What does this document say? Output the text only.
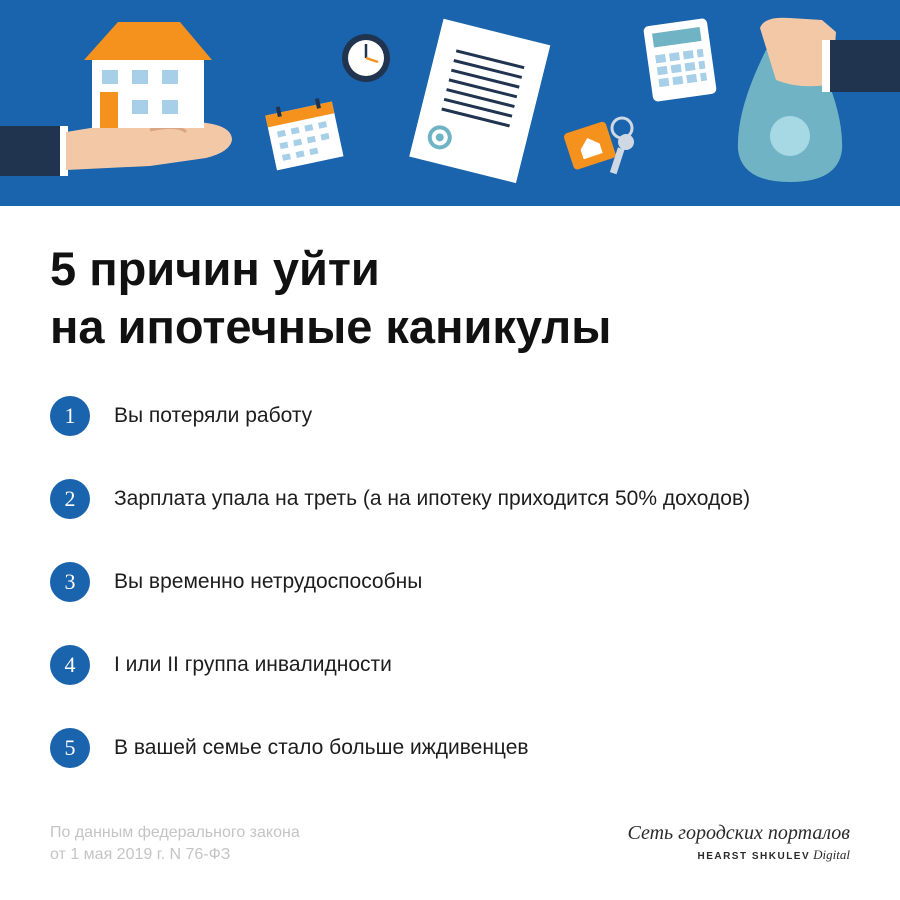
5 причин уйти
на ипотечные каникулы
1	Вы потеряли работу
2	Зарплата упала на треть (а на ипотеку приходится 50% доходов)
3	Вы временно нетрудоспособны
4	I или II группа инвалидности
5	В вашей семье стало больше иждивенцев
По данным федерального закона
от 1 мая 2019 г. N 76-ФЗ
Сеть городских порталов
HEARST SHKULEV Digital
